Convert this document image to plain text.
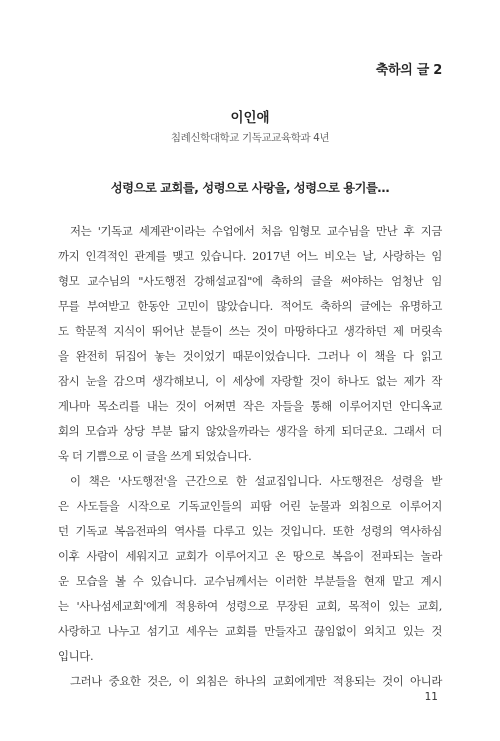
축하의 글 2
이인애
침례신학대학교 기독교교육학과 4년
성령으로 교회를, 성령으로 사랑을, 성령으로 용기를…
저는 '기독교 세계관'이라는 수업에서 처음 임형모 교수님을 만난 후 지금
까지 인격적인 관계를 맺고 있습니다. 2017년 어느 비오는 날, 사랑하는 임
형모 교수님의 "사도행전 강해설교집"에 축하의 글을 써야하는 엄청난 임
무를 부여받고 한동안 고민이 많았습니다. 적어도 축하의 글에는 유명하고
도 학문적 지식이 뛰어난 분들이 쓰는 것이 마땅하다고 생각하던 제 머릿속
을 완전히 뒤집어 놓는 것이었기 때문이었습니다. 그러나 이 책을 다 읽고
잠시 눈을 감으며 생각해보니, 이 세상에 자랑할 것이 하나도 없는 제가 작
게나마 목소리를 내는 것이 어쩌면 작은 자들을 통해 이루어지던 안디옥교
회의 모습과 상당 부분 닮지 않았을까라는 생각을 하게 되더군요. 그래서 더
욱 더 기쁨으로 이 글을 쓰게 되었습니다.
이 책은 '사도행전'을 근간으로 한 설교집입니다. 사도행전은 성령을 받
은 사도들을 시작으로 기독교인들의 피땀 어린 눈물과 외침으로 이루어지
던 기독교 복음전파의 역사를 다루고 있는 것입니다. 또한 성령의 역사하심
이후 사람이 세워지고 교회가 이루어지고 온 땅으로 복음이 전파되는 놀라
운 모습을 볼 수 있습니다. 교수님께서는 이러한 부분들을 현재 맡고 계시
는 '사나섬세교회'에게 적용하여 성령으로 무장된 교회, 목적이 있는 교회,
사랑하고 나누고 섬기고 세우는 교회를 만들자고 끊임없이 외치고 있는 것
입니다.
그러나 중요한 것은, 이 외침은 하나의 교회에게만 적용되는 것이 아니라
11
